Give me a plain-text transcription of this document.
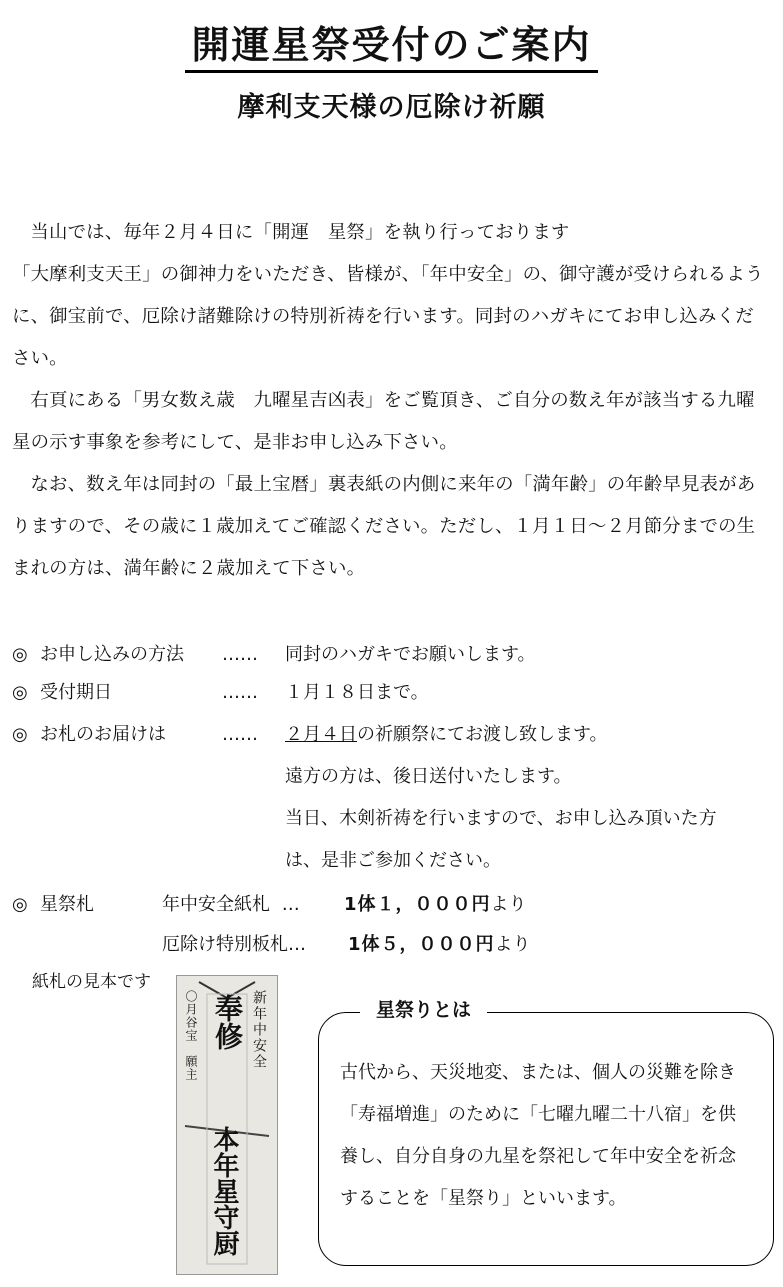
開運星祭受付のご案内
摩利支天様の厄除け祈願

当山では、毎年２月４日に「開運　星祭」を執り行っております

「大摩利支天王」の御神力をいただき、皆様が、「年中安全」の、御守護が受けられるように、御宝前で、厄除け諸難除けの特別祈祷を行います。同封のハガキにてお申し込みください。

右頁にある「男女数え歳　九曜星吉凶表」をご覧頂き、ご自分の数え年が該当する九曜星の示す事象を参考にして、是非お申し込み下さい。

なお、数え年は同封の「最上宝暦」裏表紙の内側に来年の「満年齢」の年齢早見表がありますので、その歳に１歳加えてご確認ください。ただし、１月１日～２月節分までの生まれの方は、満年齢に２歳加えて下さい。

◎ お申し込みの方法 …… 同封のハガキでお願いします。
◎ 受付期日	…… １月１８日まで。
◎ お札のお届けは	…… ２月４日の祈願祭にてお渡し致します。
遠方の方は、後日送付いたします。
当日、木剣祈祷を行いますので、お申し込み頂いた方
は、是非ご参加ください。
◎ 星祭札	年中安全紙札 … 1体１，０００円より
厄除け特別板札… 1体５，０００円より
紙札の見本です
新年中安全
〇月谷宝　願主 奉修
本年星守厨
星祭りとは

古代から、天災地変、または、個人の災難を除き

「寿福増進」のために「七曜九曜二十八宿」を供

養し、自分自身の九星を祭祀して年中安全を祈念

することを「星祭り」といいます。
